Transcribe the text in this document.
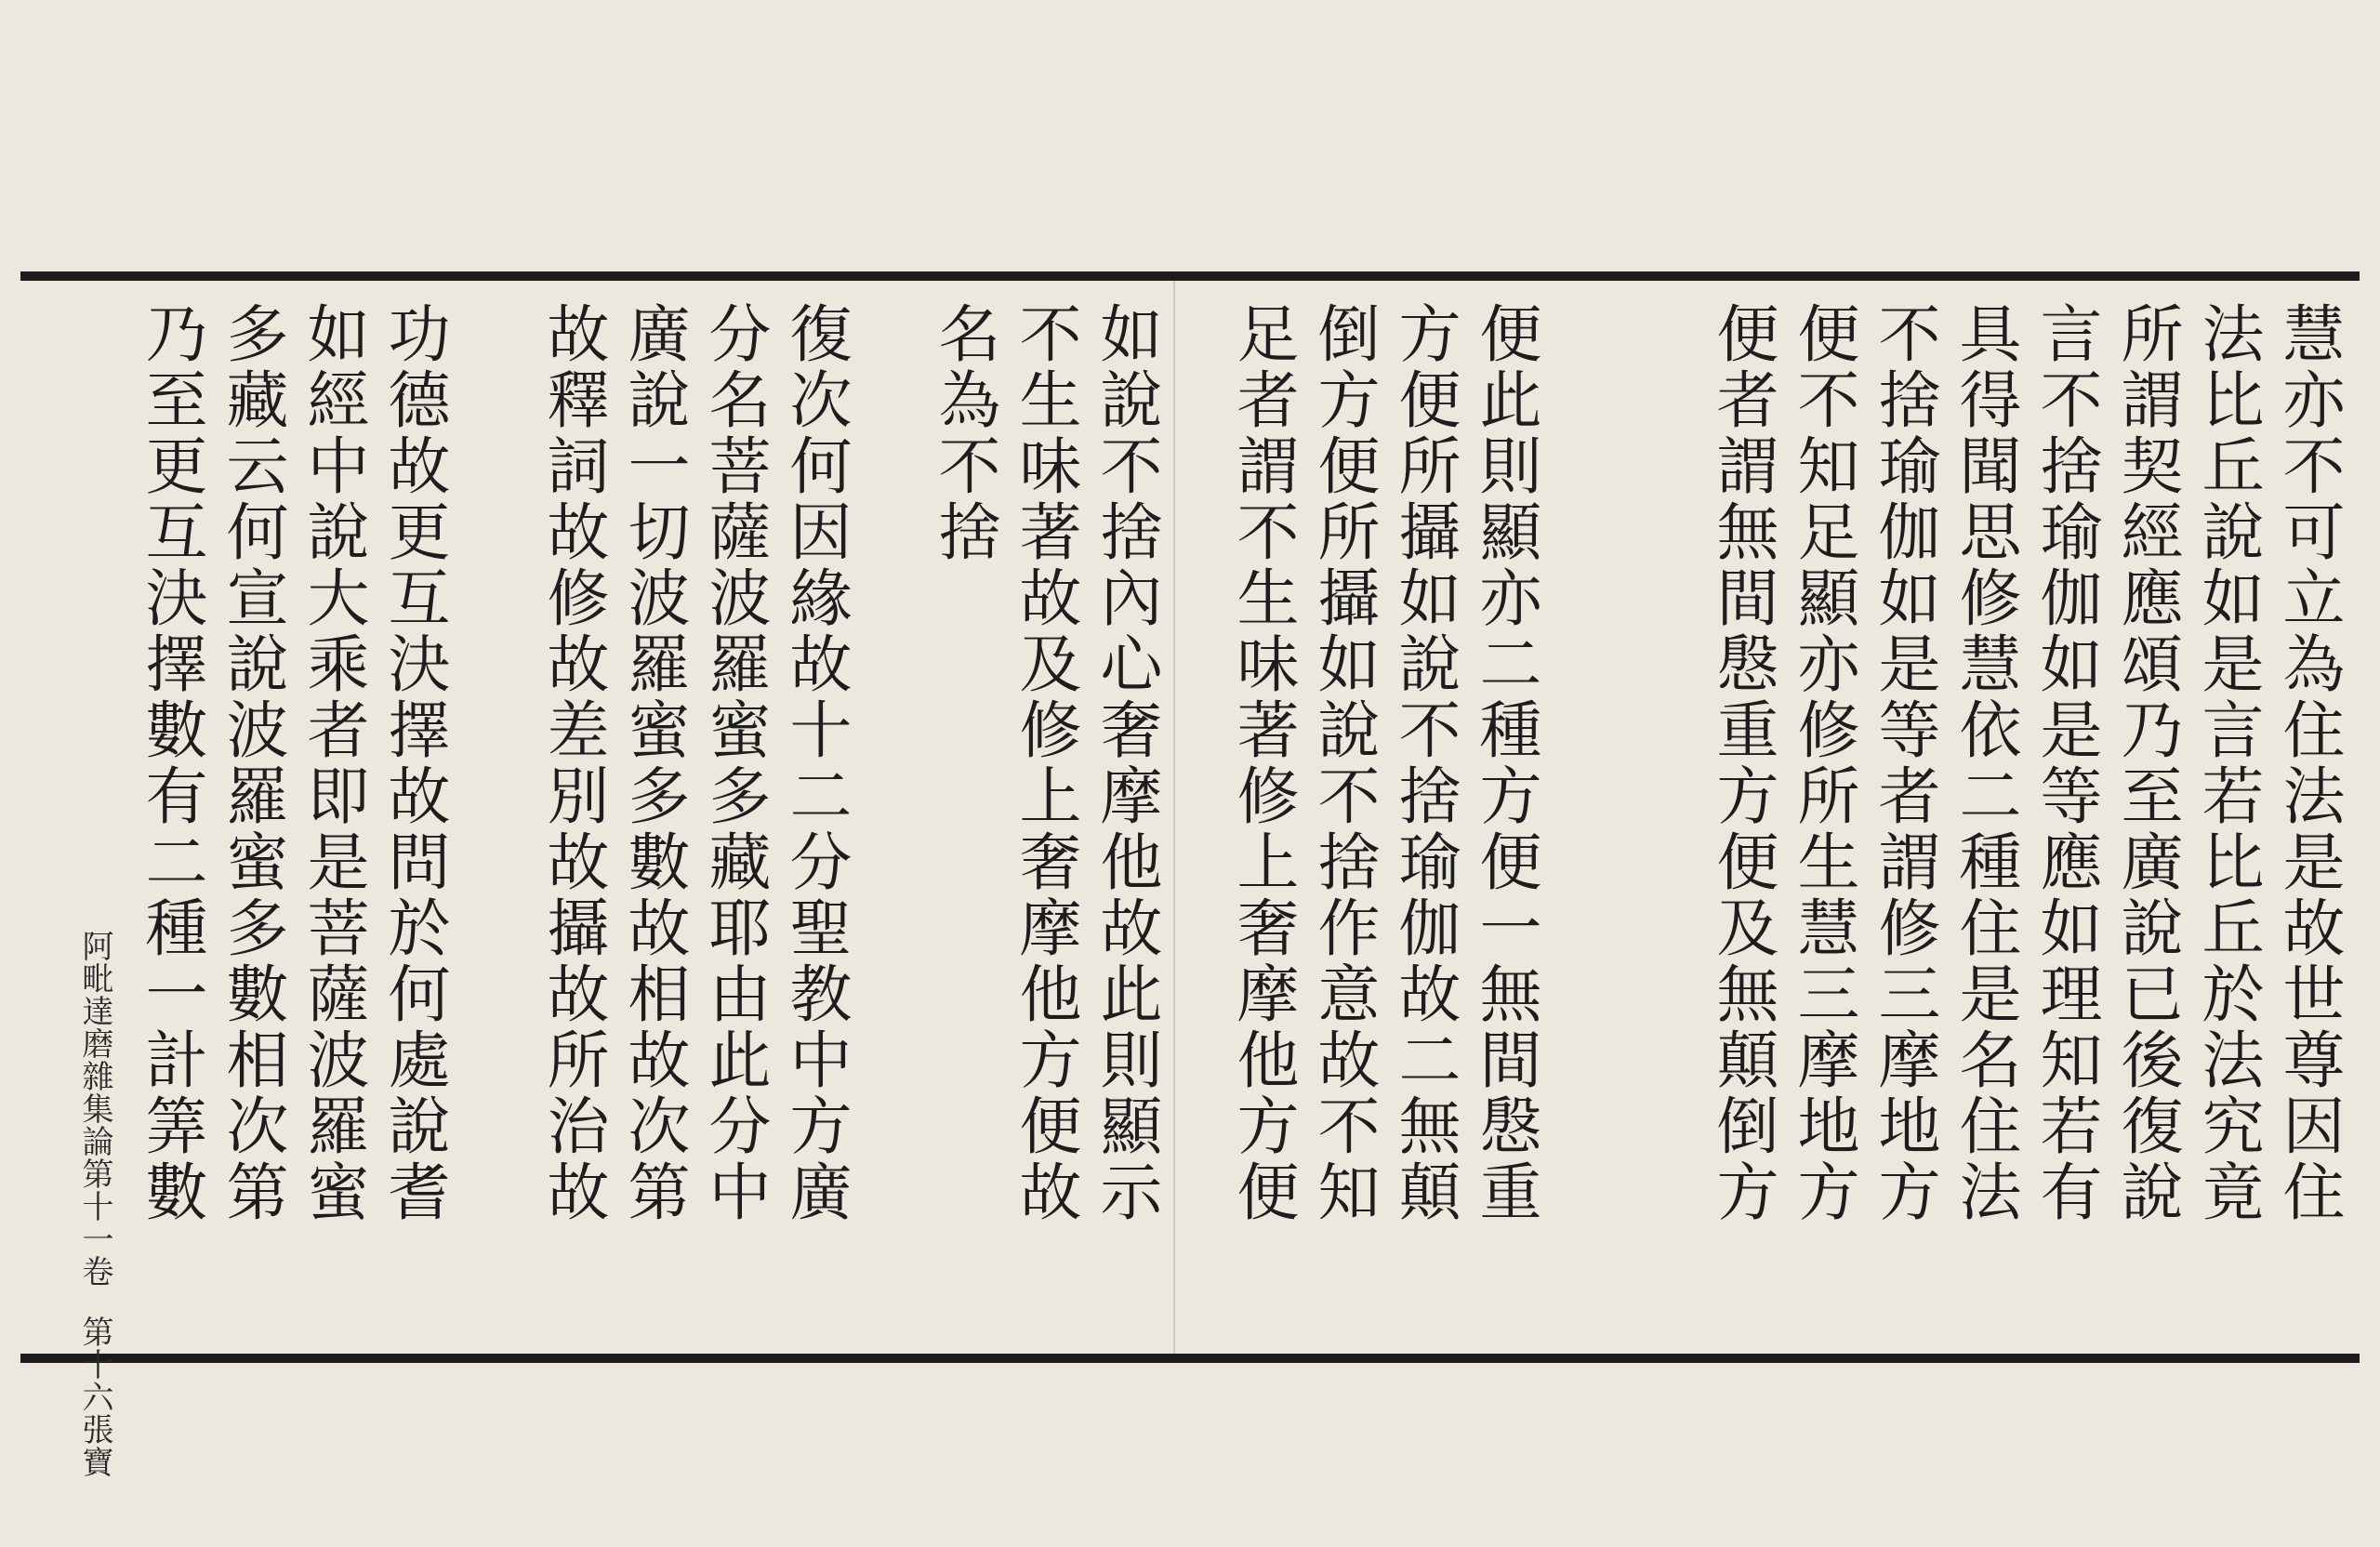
慧亦不可立為住法是故世尊因住
法比丘說如是言若比丘於法究竟
所謂契經應頌乃至廣說已後復說
言不捨瑜伽如是等應如理知若有
具得聞思修慧依二種住是名住法
不捨瑜伽如是等者謂修三摩地方
便不知足顯亦修所生慧三摩地方
便者謂無間慇重方便及無顛倒方
便此則顯亦二種方便一無間慇重
方便所攝如說不捨瑜伽故二無顛
倒方便所攝如說不捨作意故不知
足者謂不生味著修上奢摩他方便
如說不捨內心奢摩他故此則顯示
不生味著故及修上奢摩他方便故
名為不捨
復次何因緣故十二分聖教中方廣
分名菩薩波羅蜜多藏耶由此分中
廣說一切波羅蜜多數故相故次第
故釋詞故修故差別故攝故所治故
功德故更互決擇故問於何處說耆
如經中說大乘者即是菩薩波羅蜜
多藏云何宣說波羅蜜多數相次第
乃至更互決擇數有二種一計筭數
阿毗達磨雜集論第十一卷第十六張寶
